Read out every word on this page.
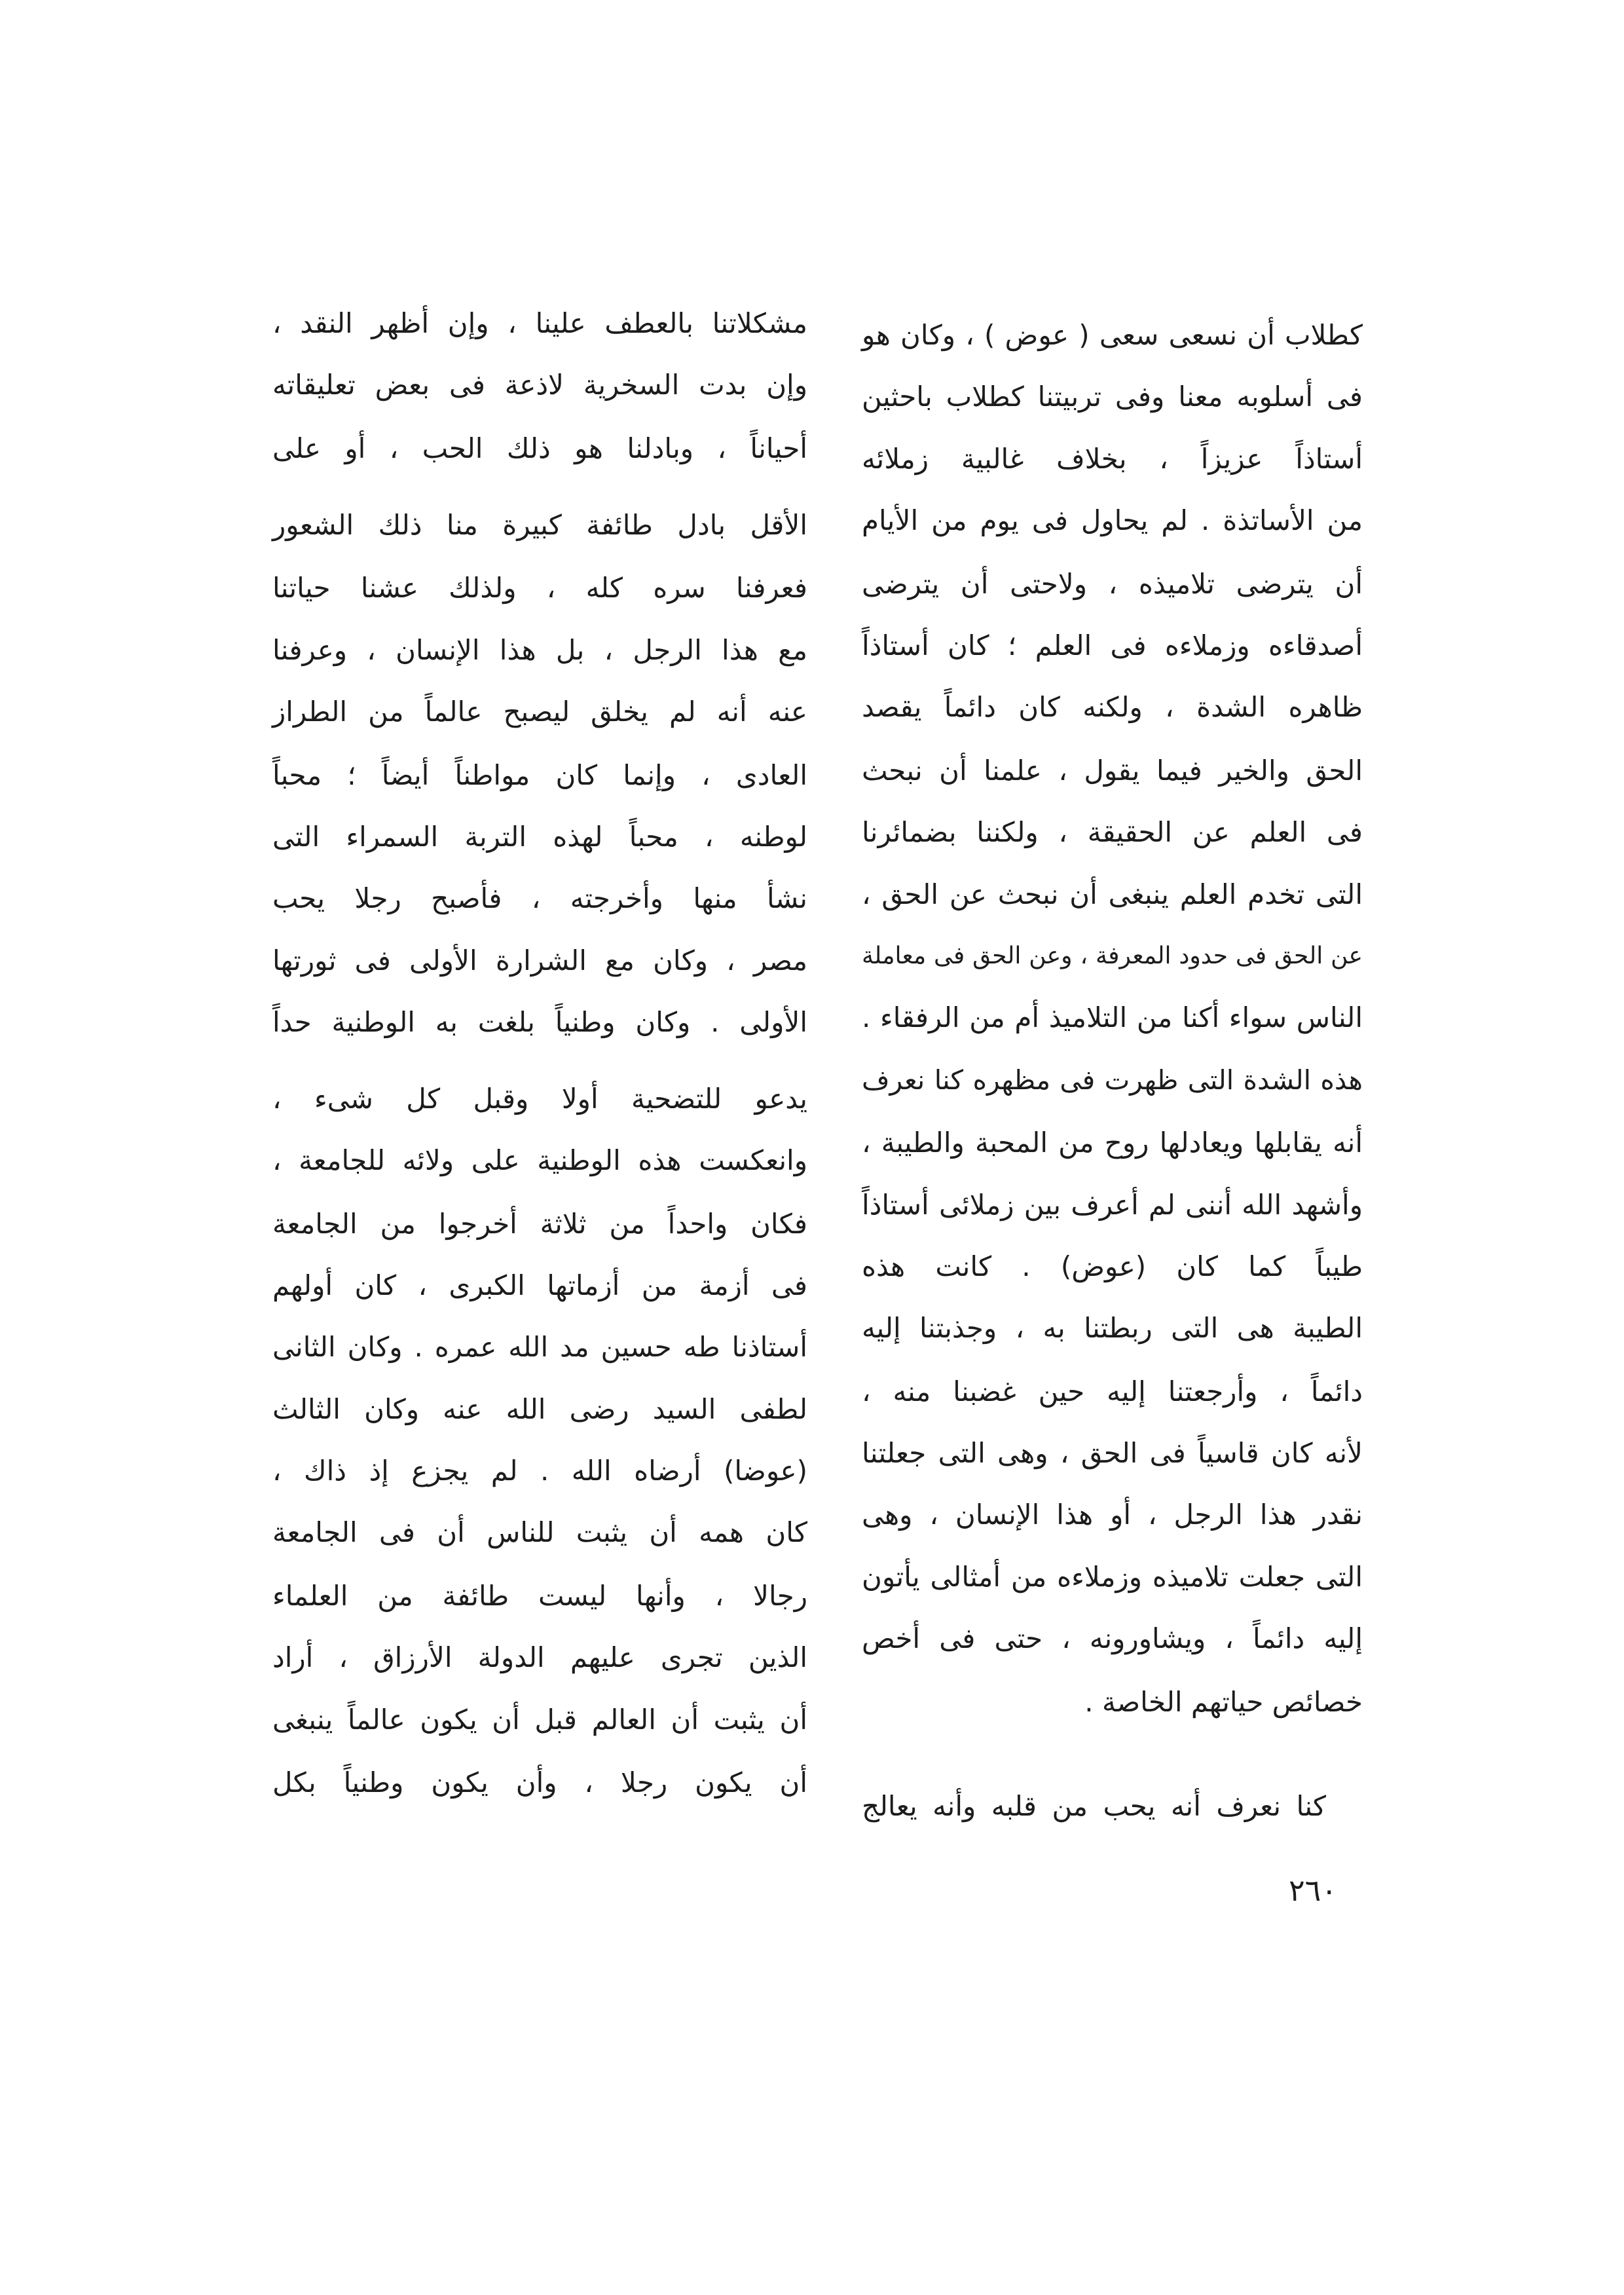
كطلاب أن نسعى سعى ( عوض ) ، وكان هو
فى أسلوبه معنا وفى تربيتنا كطلاب باحثين
أستاذاً عزيزاً ، بخلاف غالبية زملائه
من الأساتذة . لم يحاول فى يوم من الأيام
أن يترضى تلاميذه ، ولاحتى أن يترضى
أصدقاءه وزملاءه فى العلم ؛ كان أستاذاً
ظاهره الشدة ، ولكنه كان دائماً يقصد
الحق والخير فيما يقول ، علمنا أن نبحث
فى العلم عن الحقيقة ، ولكننا بضمائرنا
التى تخدم العلم ينبغى أن نبحث عن الحق ،
عن الحق فى حدود المعرفة ، وعن الحق فى معاملة
الناس سواء أكنا من التلاميذ أم من الرفقاء .
هذه الشدة التى ظهرت فى مظهره كنا نعرف
أنه يقابلها ويعادلها روح من المحبة والطيبة ،
وأشهد الله أننى لم أعرف بين زملائى أستاذاً
طيباً كما كان (عوض) . كانت هذه
الطيبة هى التى ربطتنا به ، وجذبتنا إليه
دائماً ، وأرجعتنا إليه حين غضبنا منه ،
لأنه كان قاسياً فى الحق ، وهى التى جعلتنا
نقدر هذا الرجل ، أو هذا الإنسان ، وهى
التى جعلت تلاميذه وزملاءه من أمثالى يأتون
إليه دائماً ، ويشاورونه ، حتى فى أخص
خصائص حياتهم الخاصة .
كنا نعرف أنه يحب من قلبه وأنه يعالج
مشكلاتنا بالعطف علينا ، وإن أظهر النقد ،
وإن بدت السخرية لاذعة فى بعض تعليقاته
أحياناً ، وبادلنا هو ذلك الحب ، أو على
الأقل بادل طائفة كبيرة منا ذلك الشعور
فعرفنا سره كله ، ولذلك عشنا حياتنا
مع هذا الرجل ، بل هذا الإنسان ، وعرفنا
عنه أنه لم يخلق ليصبح عالماً من الطراز
العادى ، وإنما كان مواطناً أيضاً ؛ محباً
لوطنه ، محباً لهذه التربة السمراء التى
نشأ منها وأخرجته ، فأصبح رجلا يحب
مصر ، وكان مع الشرارة الأولى فى ثورتها
الأولى . وكان وطنياً بلغت به الوطنية حداً
يدعو للتضحية أولا وقبل كل شىء ،
وانعكست هذه الوطنية على ولائه للجامعة ،
فكان واحداً من ثلاثة أخرجوا من الجامعة
فى أزمة من أزماتها الكبرى ، كان أولهم
أستاذنا طه حسين مد الله عمره . وكان الثانى
لطفى السيد رضى الله عنه وكان الثالث
(عوضا) أرضاه الله . لم يجزع إذ ذاك ،
كان همه أن يثبت للناس أن فى الجامعة
رجالا ، وأنها ليست طائفة من العلماء
الذين تجرى عليهم الدولة الأرزاق ، أراد
أن يثبت أن العالم قبل أن يكون عالماً ينبغى
أن يكون رجلا ، وأن يكون وطنياً بكل
٢٦٠
